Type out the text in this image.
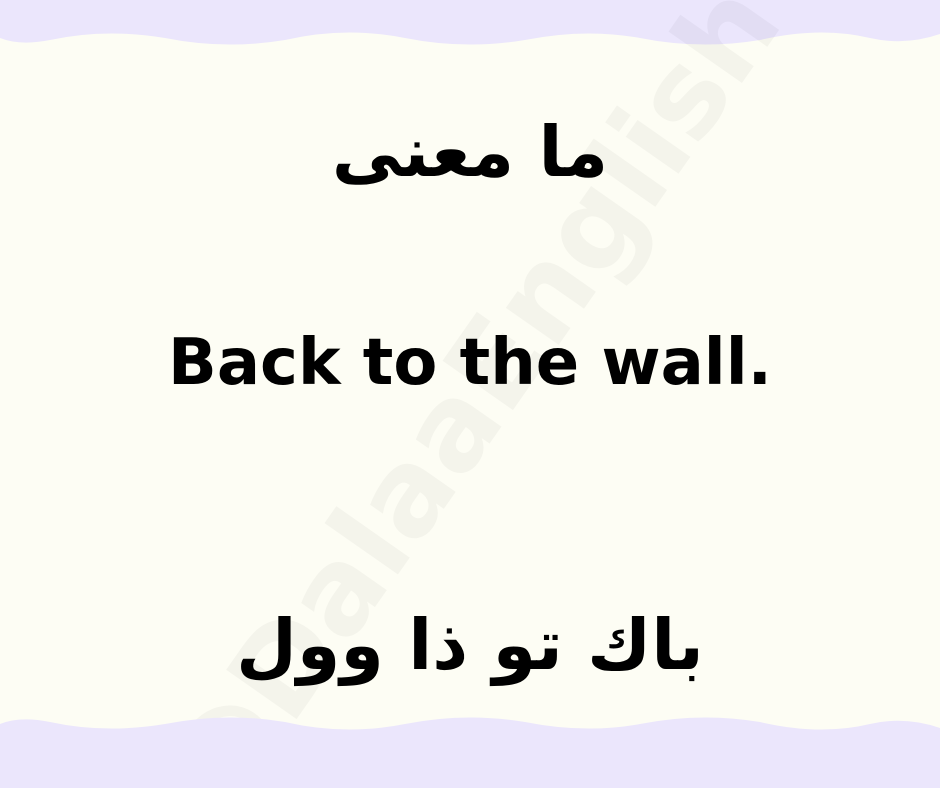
ما معنى
Back to the wall.
باك تو ذا وول
